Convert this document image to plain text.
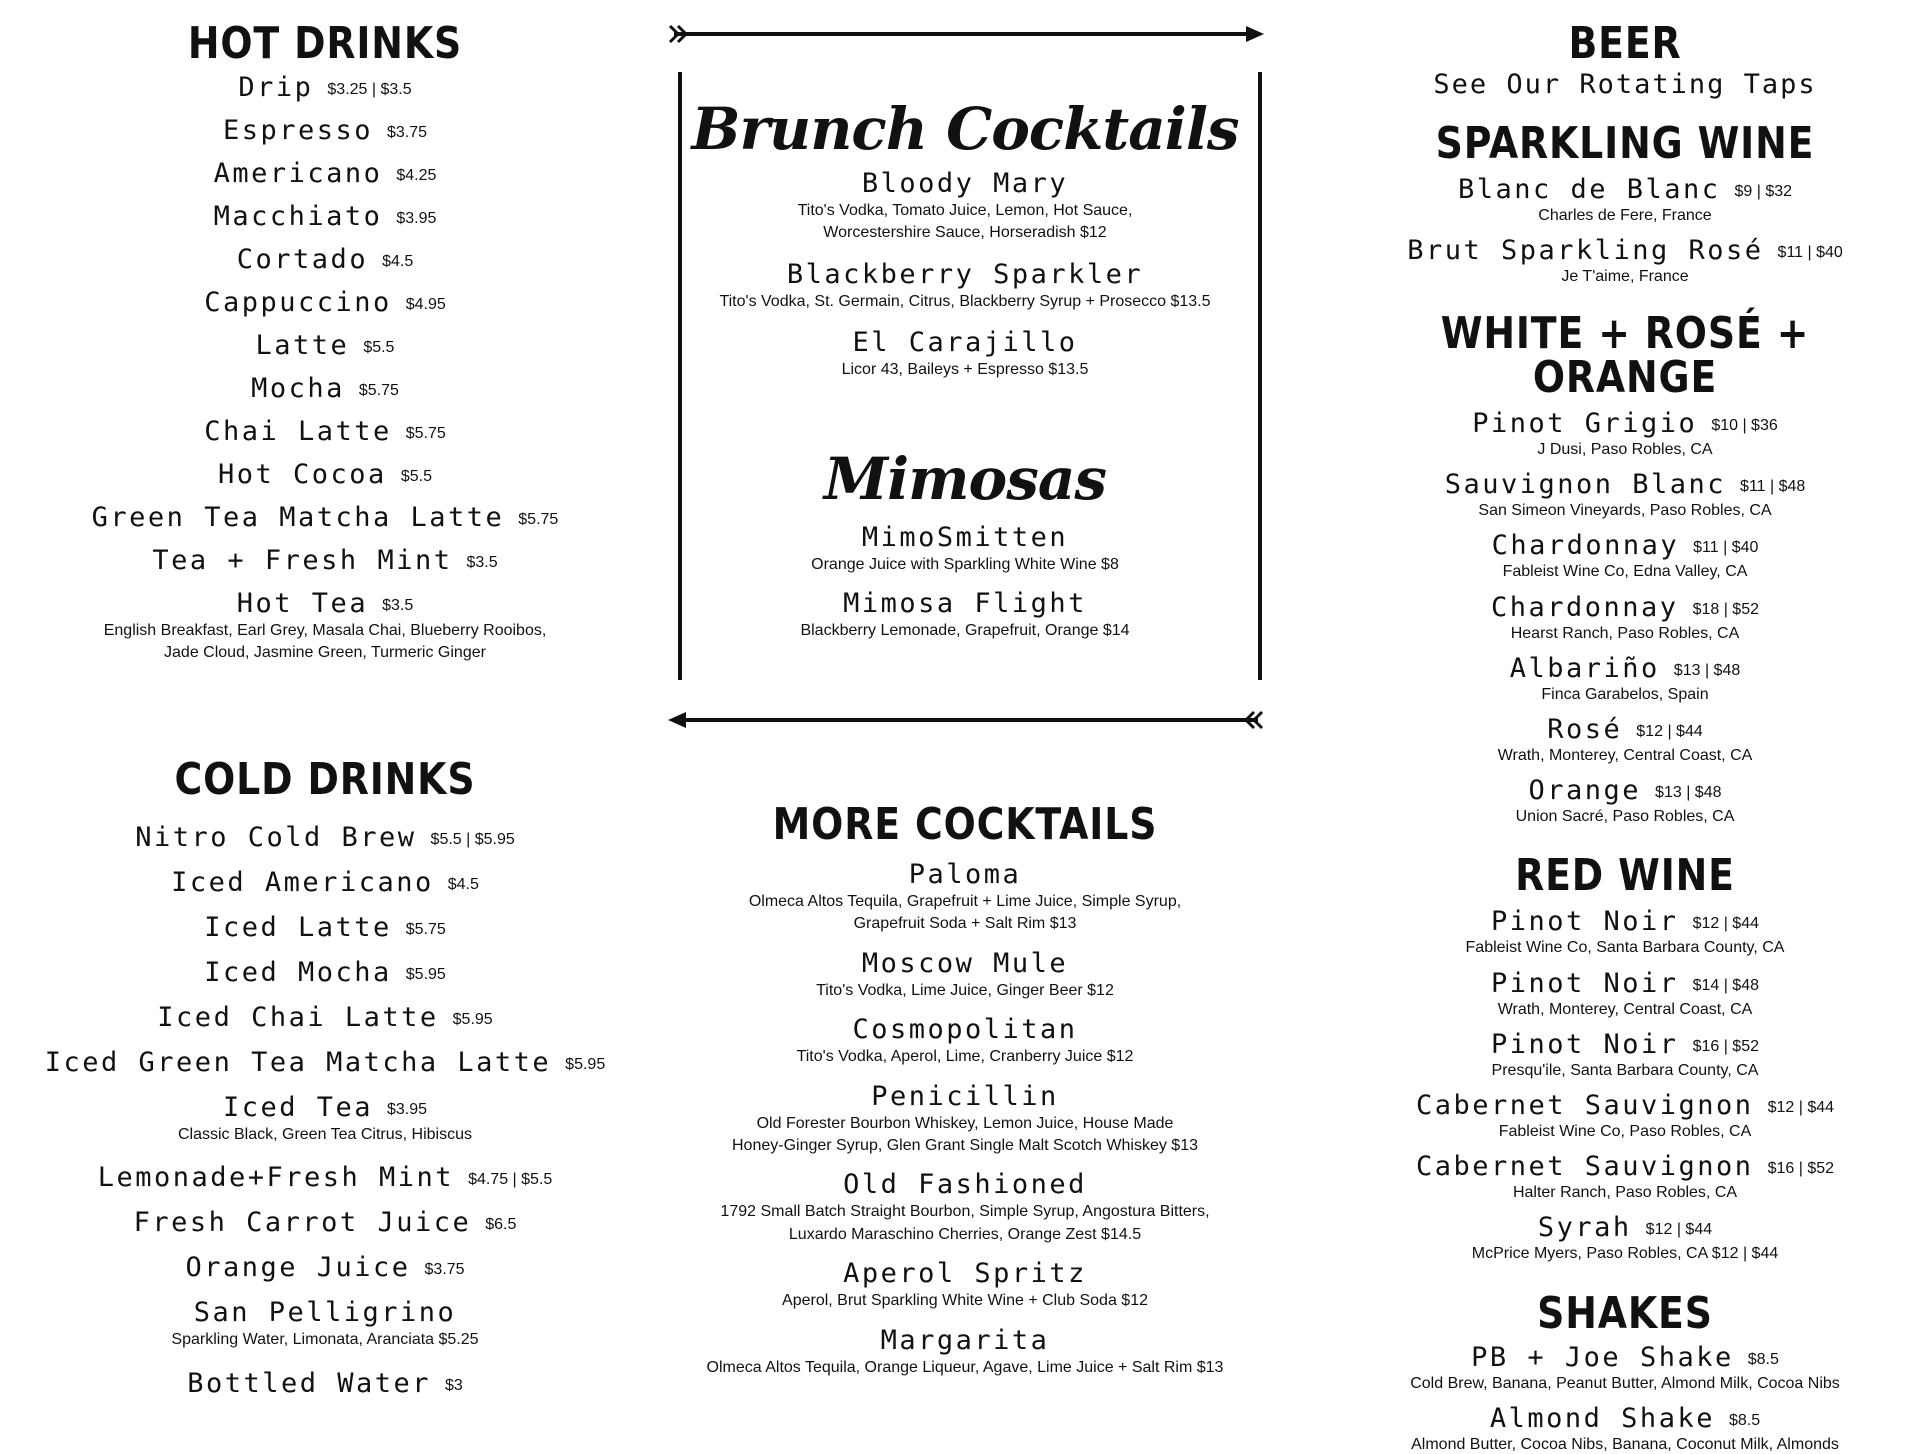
HOT DRINKS
Drip $3.25 | $3.5
Espresso $3.75
Americano $4.25
Macchiato $3.95
Cortado $4.5
Cappuccino $4.95
Latte $5.5
Mocha $5.75
Chai Latte $5.75
Hot Cocoa $5.5
Green Tea Matcha Latte $5.75
Tea + Fresh Mint $3.5
Hot Tea $3.5
English Breakfast, Earl Grey, Masala Chai, Blueberry Rooibos,
Jade Cloud, Jasmine Green, Turmeric Ginger
COLD DRINKS
Nitro Cold Brew $5.5 | $5.95
Iced Americano $4.5
Iced Latte $5.75
Iced Mocha $5.95
Iced Chai Latte $5.95
Iced Green Tea Matcha Latte $5.95
Iced Tea $3.95
Classic Black, Green Tea Citrus, Hibiscus
Lemonade+Fresh Mint $4.75 | $5.5
Fresh Carrot Juice $6.5
Orange Juice $3.75
San Pelligrino
Sparkling Water, Limonata, Aranciata $5.25
Bottled Water $3
Brunch Cocktails
Bloody Mary
Tito's Vodka, Tomato Juice, Lemon, Hot Sauce,
Worcestershire Sauce, Horseradish $12
Blackberry Sparkler
Tito's Vodka, St. Germain, Citrus, Blackberry Syrup + Prosecco $13.5
El Carajillo
Licor 43, Baileys + Espresso $13.5
Mimosas
MimoSmitten
Orange Juice with Sparkling White Wine $8
Mimosa Flight
Blackberry Lemonade, Grapefruit, Orange $14
MORE COCKTAILS
Paloma
Olmeca Altos Tequila, Grapefruit + Lime Juice, Simple Syrup,
Grapefruit Soda + Salt Rim $13
Moscow Mule
Tito's Vodka, Lime Juice, Ginger Beer $12
Cosmopolitan
Tito's Vodka, Aperol, Lime, Cranberry Juice $12
Penicillin
Old Forester Bourbon Whiskey, Lemon Juice, House Made
Honey-Ginger Syrup, Glen Grant Single Malt Scotch Whiskey $13
Old Fashioned
1792 Small Batch Straight Bourbon, Simple Syrup, Angostura Bitters,
Luxardo Maraschino Cherries, Orange Zest $14.5
Aperol Spritz
Aperol, Brut Sparkling White Wine + Club Soda $12
Margarita
Olmeca Altos Tequila, Orange Liqueur, Agave, Lime Juice + Salt Rim $13
BEER
See Our Rotating Taps
SPARKLING WINE
Blanc de Blanc $9 | $32
Charles de Fere, France
Brut Sparkling Rosé $11 | $40
Je T'aime, France
WHITE + ROSÉ + ORANGE
Pinot Grigio $10 | $36
J Dusi, Paso Robles, CA
Sauvignon Blanc $11 | $48
San Simeon Vineyards, Paso Robles, CA
Chardonnay $11 | $40
Fableist Wine Co, Edna Valley, CA
Chardonnay $18 | $52
Hearst Ranch, Paso Robles, CA
Albariño $13 | $48
Finca Garabelos, Spain
Rosé $12 | $44
Wrath, Monterey, Central Coast, CA
Orange $13 | $48
Union Sacré, Paso Robles, CA
RED WINE
Pinot Noir $12 | $44
Fableist Wine Co, Santa Barbara County, CA
Pinot Noir $14 | $48
Wrath, Monterey, Central Coast, CA
Pinot Noir $16 | $52
Presqu'ile, Santa Barbara County, CA
Cabernet Sauvignon $12 | $44
Fableist Wine Co, Paso Robles, CA
Cabernet Sauvignon $16 | $52
Halter Ranch, Paso Robles, CA
Syrah $12 | $44
McPrice Myers, Paso Robles, CA $12 | $44
SHAKES
PB + Joe Shake $8.5
Cold Brew, Banana, Peanut Butter, Almond Milk, Cocoa Nibs
Almond Shake $8.5
Almond Butter, Cocoa Nibs, Banana, Coconut Milk, Almonds
